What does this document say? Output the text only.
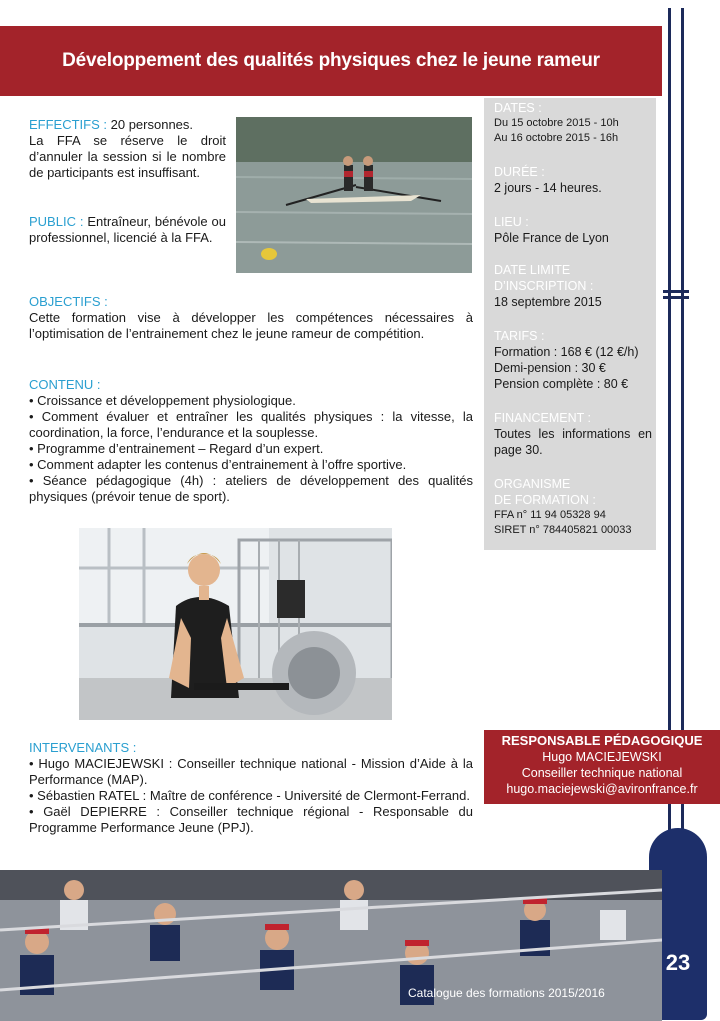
23
Développement des qualités physiques chez le jeune rameur

EFFECTIFS : 20 personnes.

La FFA se réserve le droit d’annuler la session si le nombre de participants est insuffisant.

PUBLIC : Entraîneur, bénévole ou professionnel, licencié à la FFA.

OBJECTIFS :

Cette formation vise à développer les compétences nécessaires à l’optimisation de l’entrainement chez le jeune rameur de compétition.

CONTENU :

• Croissance et développement physiologique.

• Comment évaluer et entraîner les qualités physiques : la vitesse, la coordination, la force, l’endurance et la souplesse.

• Programme d’entrainement – Regard d’un expert.

• Comment adapter les contenus d’entrainement à l’offre sportive.

• Séance pédagogique (4h) : ateliers de développement des qualités physiques (prévoir tenue de sport).

INTERVENANTS :

• Hugo MACIEJEWSKI : Conseiller technique national - Mission d’Aide à la Performance (MAP).

• Sébastien RATEL : Maître de conférence - Université de Clermont-Ferrand.

• Gaël DEPIERRE : Conseiller technique régional - Responsable du Programme Performance Jeune (PPJ).

DATES :
Du 15 octobre 2015 - 10h
Au 16 octobre 2015 - 16h
DURÉE :
2 jours - 14 heures.
LIEU :
Pôle France de Lyon
DATE LIMITE
D’INSCRIPTION :
18 septembre 2015
TARIFS :
Formation : 168 € (12 €/h)
Demi-pension : 30 €
Pension complète : 80 €
FINANCEMENT :
Toutes les informations en page 30.
ORGANISME
DE FORMATION :
FFA n° 11 94 05328 94
SIRET n° 784405821 00033
RESPONSABLE PÉDAGOGIQUE
Hugo MACIEJEWSKI
Conseiller technique national
hugo.maciejewski@avironfrance.fr
Catalogue des formations 2015/2016
